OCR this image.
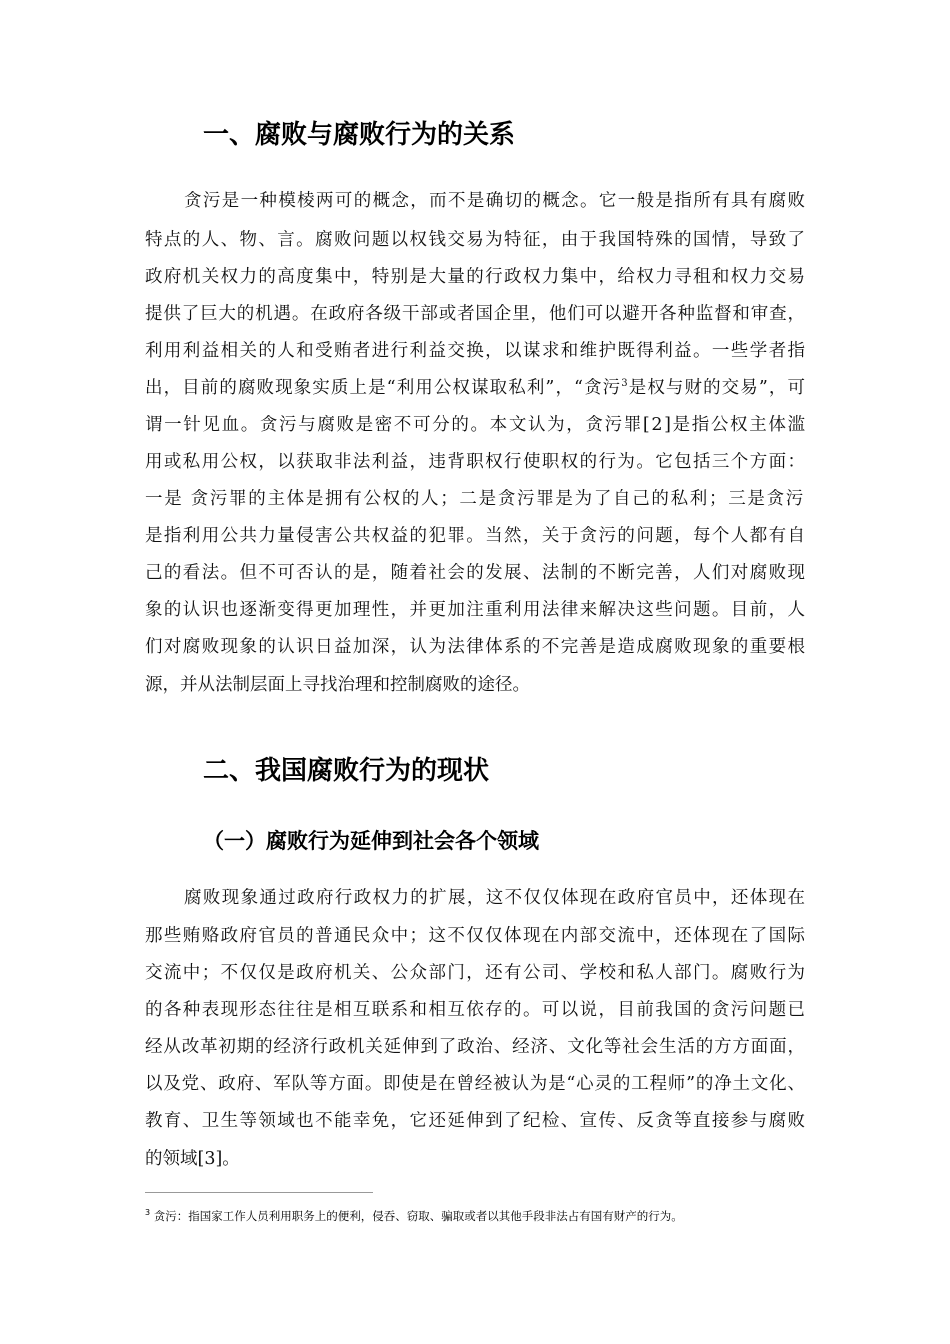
一、腐败与腐败行为的关系
贪污是一种模棱两可的概念，而不是确切的概念。它一般是指所有具有腐败
特点的人、物、言。腐败问题以权钱交易为特征，由于我国特殊的国情，导致了
政府机关权力的高度集中，特别是大量的行政权力集中，给权力寻租和权力交易
提供了巨大的机遇。在政府各级干部或者国企里，他们可以避开各种监督和审查，
利用利益相关的人和受贿者进行利益交换，以谋求和维护既得利益。一些学者指
出，目前的腐败现象实质上是“利用公权谋取私利”，“贪污$^3$是权与财的交易”，可
谓一针见血。贪污与腐败是密不可分的。本文认为，贪污罪[2]是指公权主体滥
用或私用公权，以获取非法利益，违背职权行使职权的行为。它包括三个方面：
一是 贪污罪的主体是拥有公权的人；二是贪污罪是为了自己的私利；三是贪污
是指利用公共力量侵害公共权益的犯罪。当然，关于贪污的问题，每个人都有自
己的看法。但不可否认的是，随着社会的发展、法制的不断完善，人们对腐败现
象的认识也逐渐变得更加理性，并更加注重利用法律来解决这些问题。目前，人
们对腐败现象的认识日益加深，认为法律体系的不完善是造成腐败现象的重要根
源，并从法制层面上寻找治理和控制腐败的途径。
二、我国腐败行为的现状
（一）腐败行为延伸到社会各个领域
腐败现象通过政府行政权力的扩展，这不仅仅体现在政府官员中，还体现在
那些贿赂政府官员的普通民众中；这不仅仅体现在内部交流中，还体现在了国际
交流中；不仅仅是政府机关、公众部门，还有公司、学校和私人部门。腐败行为
的各种表现形态往往是相互联系和相互依存的。可以说，目前我国的贪污问题已
经从改革初期的经济行政机关延伸到了政治、经济、文化等社会生活的方方面面，
以及党、政府、军队等方面。即使是在曾经被认为是“心灵的工程师”的净土文化、
教育、卫生等领域也不能幸免，它还延伸到了纪检、宣传、反贪等直接参与腐败
的领域[3]。
$^3$ 贪污：指国家工作人员利用职务上的便利，侵吞、窃取、骗取或者以其他手段非法占有国有财产的行为。
